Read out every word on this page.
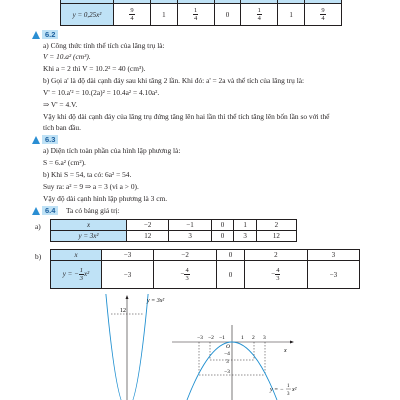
y = 0,25x²	$\frac{9}{4}$	1	$\frac{1}{4}$	0	$\frac{1}{4}$	1	$\frac{9}{4}$
6.2
a) Công thức tính thể tích của lăng trụ là:
V = 10.a² (cm³).
Khi a = 2 thì V = 10.2² = 40 (cm³).
b) Gọi a' là độ dài cạnh đáy sau khi tăng 2 lần. Khi đó: a' = 2a và thể tích của lăng trụ là:
V' = 10.a'² = 10.(2a)² = 10.4a² = 4.10a².
⇒ V' = 4.V.
Vậy khi độ dài cạnh đáy của lăng trụ đứng tăng lên hai lần thì thể tích tăng lên bốn lần so với thể
tích ban đầu.
6.3
a) Diện tích toàn phần của hình lập phương là:
S = 6.a² (cm²).
b) Khi S = 54, ta có: 6a² = 54.
Suy ra: a² = 9 ⇒ a = 3 (vì a > 0).
Vậy độ dài cạnh hình lập phương là 3 cm.
6.4	Ta có bảng giá trị:
a)	x	−2	−1	0	1	2
y = 3x²	12	3	0	3	12
b)	x	−3	−2	0	2	3
y = − $\frac{1}{3} x^2$	−3	− $\frac{4}{3}$	0	− $\frac{4}{3}$	−3
12
y = 3x²
x
−3 −2 −1	1 2 3
O
−4
3
−3
y = −
1
3
x²
